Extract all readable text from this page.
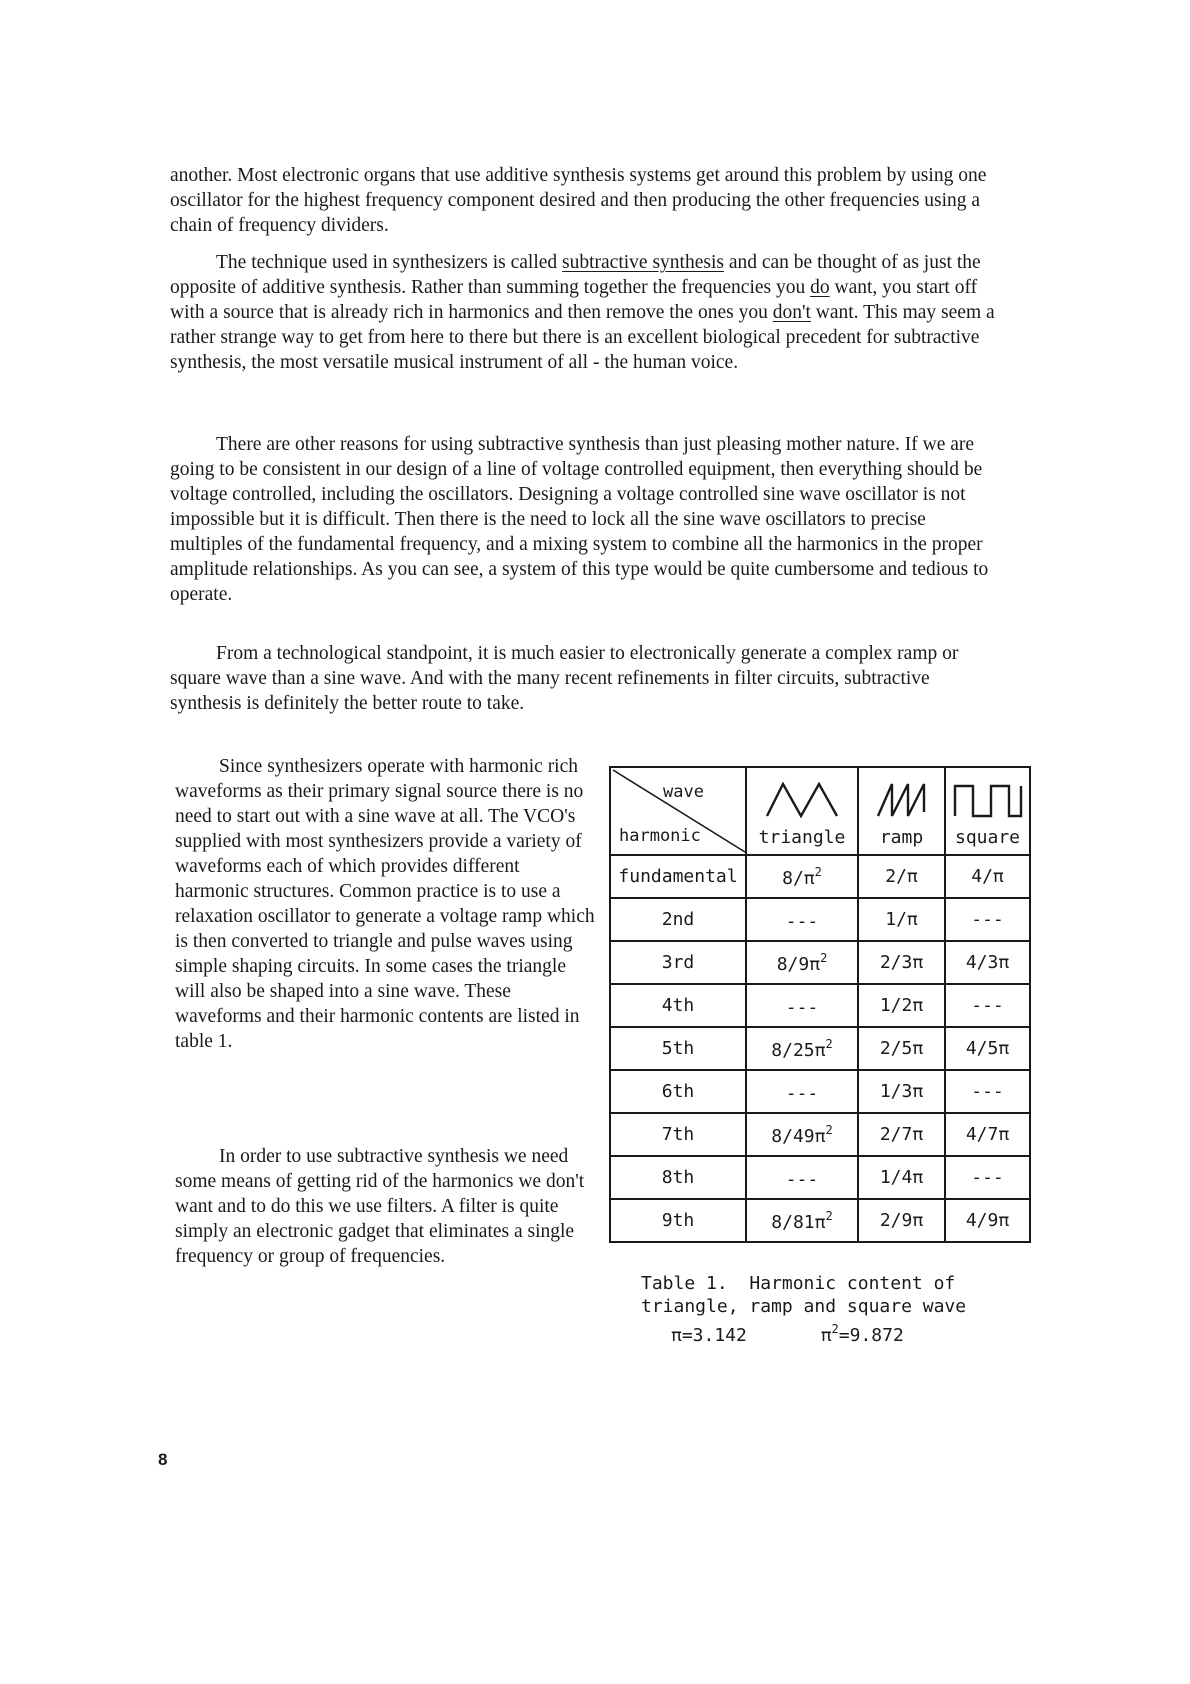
another. Most electronic organs that use additive synthesis systems get around this problem by using one oscillator for the highest frequency component desired and then producing the other frequencies using a chain of frequency dividers.

The technique used in synthesizers is called subtractive synthesis and can be thought of as just the opposite of additive synthesis. Rather than summing together the frequencies you do want, you start off with a source that is already rich in harmonics and then remove the ones you don't want. This may seem a rather strange way to get from here to there but there is an excellent biological precedent for subtractive synthesis, the most versatile musical instrument of all - the human voice.

There are other reasons for using subtractive synthesis than just pleasing mother nature. If we are going to be consistent in our design of a line of voltage controlled equipment, then everything should be voltage controlled, including the oscillators. Designing a voltage controlled sine wave oscillator is not impossible but it is difficult. Then there is the need to lock all the sine wave oscillators to precise multiples of the fundamental frequency, and a mixing system to combine all the harmonics in the proper amplitude relationships. As you can see, a system of this type would be quite cumbersome and tedious to operate.

From a technological standpoint, it is much easier to electronically generate a complex ramp or square wave than a sine wave. And with the many recent refinements in filter circuits, subtractive synthesis is definitely the better route to take.

Since synthesizers operate with harmonic rich waveforms as their primary signal source there is no need to start out with a sine wave at all. The VCO's supplied with most synthesizers provide a variety of waveforms each of which provides different harmonic structures. Common practice is to use a relaxation oscillator to generate a voltage ramp which is then converted to triangle and pulse waves using simple shaping circuits. In some cases the triangle will also be shaped into a sine wave. These waveforms and their harmonic contents are listed in table 1.

In order to use subtractive synthesis we need some means of getting rid of the harmonics we don't want and to do this we use filters. A filter is quite simply an electronic gadget that eliminates a single frequency or group of frequencies.

wave
harmonic	triangle	ramp	square

fundamental	$8/\pi^2$	2/π	4/π
2nd	---	1/π	---
3rd	$8/9\pi^2$	2/3π	4/3π
4th	---	1/2π	---
5th	$8/25\pi^2$	2/5π	4/5π
6th	---	1/3π	---
7th	$8/49\pi^2$	2/7π	4/7π
8th	---	1/4π	---
9th	$8/81\pi^2$	2/9π	4/9π
Table 1.  Harmonic content of
triangle, ramp and square wave
π=3.142	π2=9.872
8
